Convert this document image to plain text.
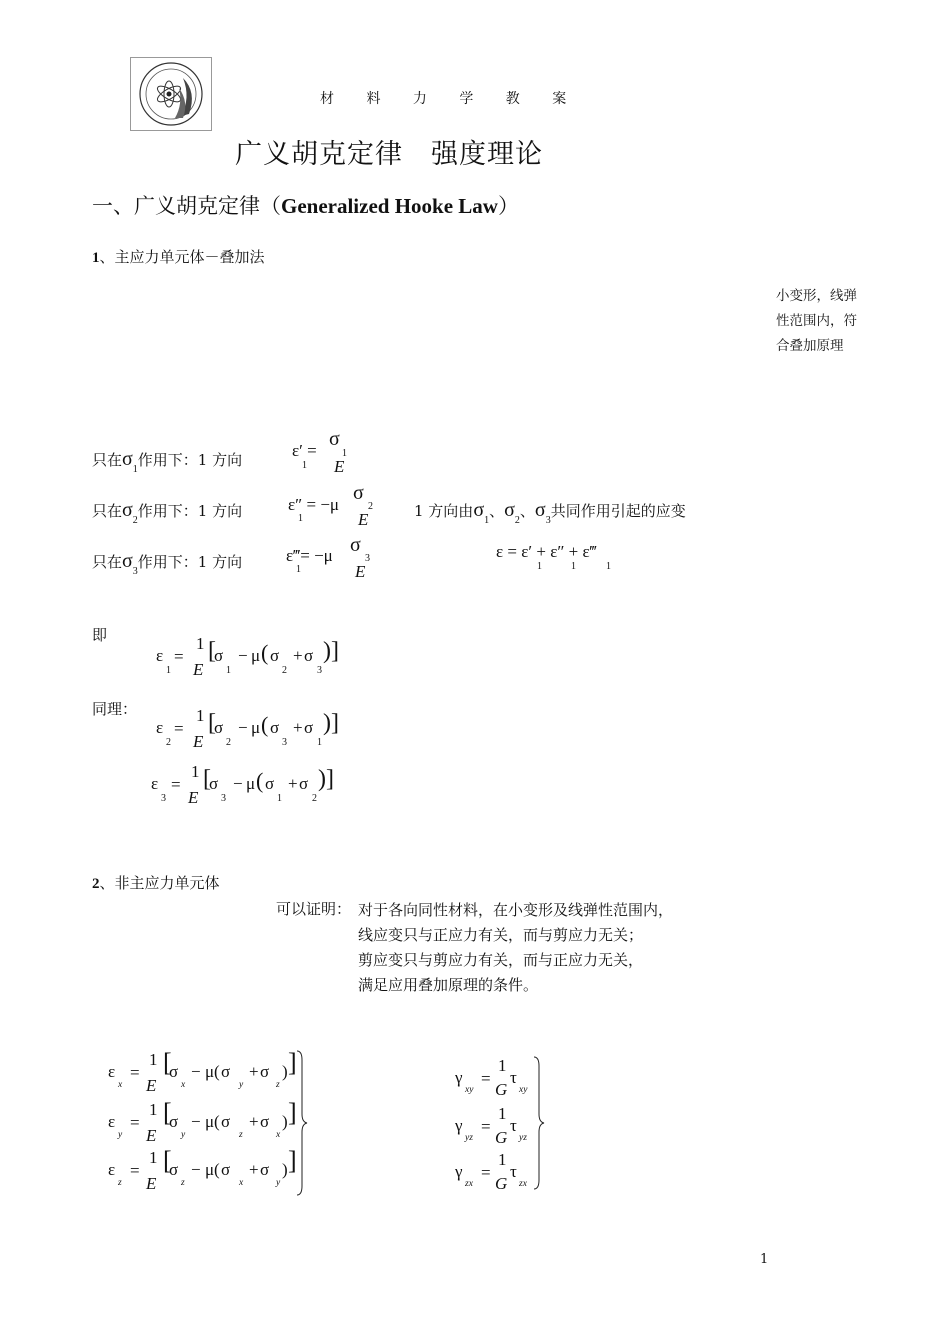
材 料 力 学 教 案
广义胡克定律　强度理论
一、广义胡克定律（Generalized Hooke Law）
1、主应力单元体－叠加法
小变形，线弹
性范围内，符
合叠加原理
只在$\sigma_1$作用下：1 方向	ε′ =
1
σ
1
E
只在$\sigma_2$作用下：1 方向	ε″ = −μ
1
σ
2
E	1 方向由$\sigma_1$、$\sigma_2$、$\sigma_3$共同作用引起的应变
只在$\sigma_3$作用下：1 方向	ε‴= −μ
1
σ
3
E
ε = ε′ + ε″ + ε‴
1	1	1
即
ε
1
=
1
E
[
σ
1
− μ ( σ
2
+ σ
3
)]
同理：
ε
2
=
1
E
[
σ
2
− μ ( σ
3
+ σ
1
)]
ε
3
=
1
E
[
σ
3
− μ ( σ
1
+ σ
2
)]
2、非主应力单元体
可以证明： 对于各向同性材料，在小变形及线弹性范围内，
线应变只与正应力有关，而与剪应力无关；
剪应变只与剪应力有关，而与正应力无关，
满足应用叠加原理的条件。
ε
x
=
1
E
[
σ
x
− μ ( σ
y
+ σ
z
) ]
ε
y
=
1
E
[
σ
y
− μ ( σ
z
+ σ
x
) ]
ε
z
=
1
E
[
σ
z
− μ ( σ
x
+ σ
y
) ]
γ
xy
=
1
G
τ
xy
γ
yz
=
1
G
τ
yz
γ
zx
=
1
G
τ
zx
1
